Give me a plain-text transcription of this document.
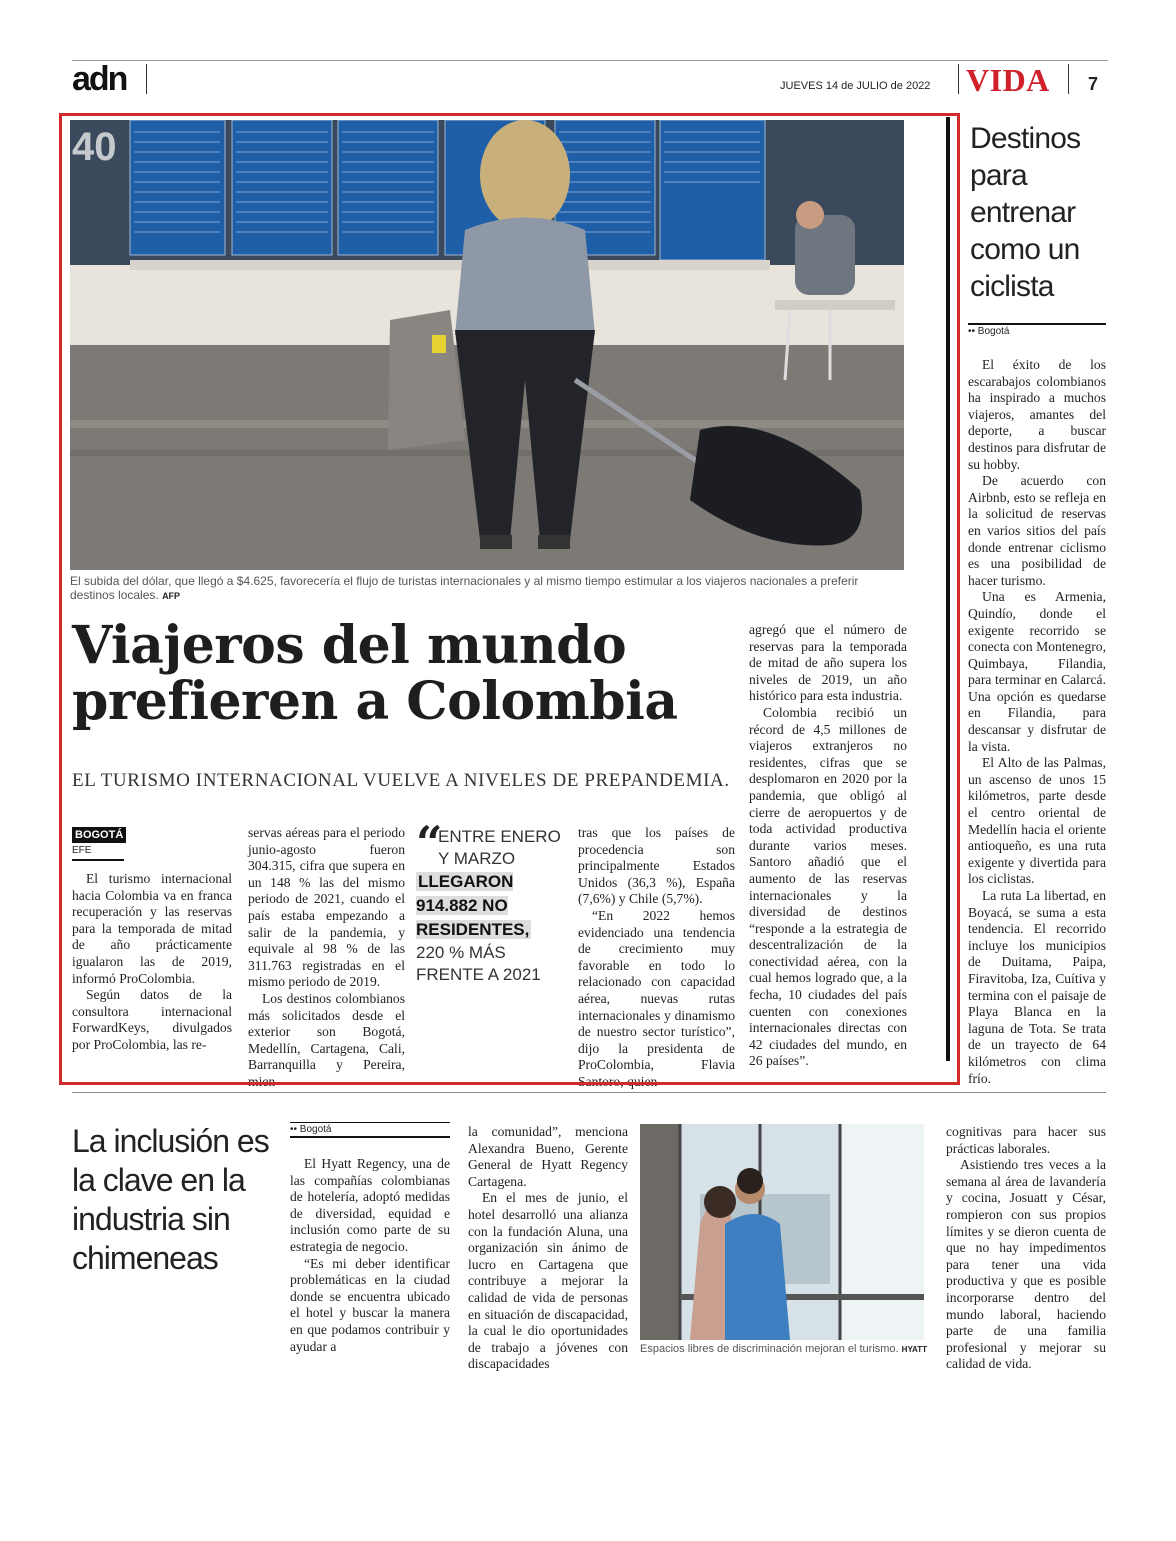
adn	JUEVES 14 de JULIO de 2022 VIDA 7
40
El subida del dólar, que llegó a $4.625, favorecería el flujo de turistas internacionales y al mismo tiempo estimular a los viajeros nacionales a preferir destinos locales. AFP
Viajeros del mundo
prefieren a Colombia
EL TURISMO INTERNACIONAL VUELVE A NIVELES DE PREPANDEMIA.
BOGOTÁ
EFE

El turismo internacional hacia Colombia va en franca recuperación y las reservas para la temporada de mitad de año prácticamente igualaron las de 2019, informó ProColombia.

Según datos de la consultora internacional ForwardKeys, divulgados por ProColombia, las re-

servas aéreas para el periodo junio-agosto fueron 304.315, cifra que supera en un 148 % las del mismo periodo de 2021, cuando el país estaba empezando a salir de la pandemia, y equivale al 98 % de las 311.763 registradas en el mismo periodo de 2019.

Los destinos colombianos más solicitados desde el exterior son Bogotá, Medellín, Cartagena, Cali, Barranquilla y Pereira, mien-

“
ENTRE ENERO Y MARZO
LLEGARON 914.882 NO RESIDENTES,
220 % MÁS FRENTE A 2021

tras que los países de procedencia son principalmente Estados Unidos (36,3 %), España (7,6%) y Chile (5,7%).

“En 2022 hemos evidenciado una tendencia de crecimiento muy favorable en todo lo relacionado con capacidad aérea, nuevas rutas internacionales y dinamismo de nuestro sector turístico”, dijo la presidenta de ProColombia, Flavia Santoro, quien

agregó que el número de reservas para la temporada de mitad de año supera los niveles de 2019, un año histórico para esta industria.

Colombia recibió un récord de 4,5 millones de viajeros extranjeros no residentes, cifras que se desplomaron en 2020 por la pandemia, que obligó al cierre de aeropuertos y de toda actividad productiva durante varios meses. Santoro añadió que el aumento de las reservas internacionales y la diversidad de destinos “responde a la estrategia de descentralización de la conectividad aérea, con la cual hemos logrado que, a la fecha, 10 ciudades del país cuenten con conexiones internacionales directas con 42 ciudades del mundo, en 26 países”.

Destinos para entrenar como un ciclista
•• Bogotá

El éxito de los escarabajos colombianos ha inspirado a muchos viajeros, amantes del deporte, a buscar destinos para disfrutar de su hobby.

De acuerdo con Airbnb, esto se refleja en la solicitud de reservas en varios sitios del país donde entrenar ciclismo es una posibilidad de hacer turismo.

Una es Armenia, Quindío, donde el exigente recorrido se conecta con Montenegro, Quimbaya, Filandia, para terminar en Calarcá. Una opción es quedarse en Filandia, para descansar y disfrutar de la vista.

El Alto de las Palmas, un ascenso de unos 15 kilómetros, parte desde el centro oriental de Medellín hacia el oriente antioqueño, es una ruta exigente y divertida para los ciclistas.

La ruta La libertad, en Boyacá, se suma a esta tendencia. El recorrido incluye los municipios de Duitama, Paipa, Firavitoba, Iza, Cuítiva y termina con el paisaje de Playa Blanca en la laguna de Tota. Se trata de un trayecto de 64 kilómetros con clima frío.

La inclusión es la clave en la industria sin chimeneas
•• Bogotá

El Hyatt Regency, una de las compañías colombianas de hotelería, adoptó medidas de diversidad, equidad e inclusión como parte de su estrategia de negocio.

“Es mi deber identificar problemáticas en la ciudad donde se encuentra ubicado el hotel y buscar la manera en que podamos contribuir y ayudar a

la comunidad”, menciona Alexandra Bueno, Gerente General de Hyatt Regency Cartagena.

En el mes de junio, el hotel desarrolló una alianza con la fundación Aluna, una organización sin ánimo de lucro en Cartagena que contribuye a mejorar la calidad de vida de personas en situación de discapacidad, la cual le dio oportunidades de trabajo a jóvenes con discapacidades

Espacios libres de discriminación mejoran el turismo. HYATT

cognitivas para hacer sus prácticas laborales.

Asistiendo tres veces a la semana al área de lavandería y cocina, Josuatt y César, rompieron con sus propios límites y se dieron cuenta de que no hay impedimentos para tener una vida productiva y que es posible incorporarse dentro del mundo laboral, haciendo parte de una familia profesional y mejorar su calidad de vida.
